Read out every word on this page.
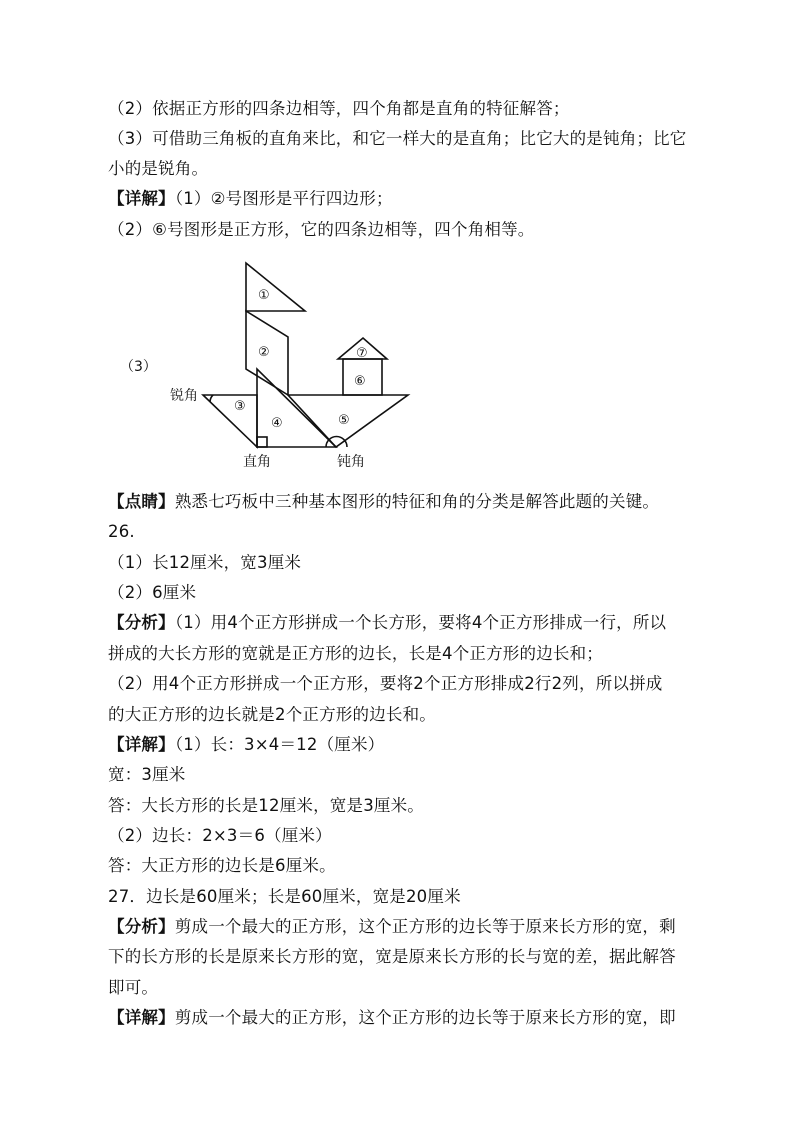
（2）依据正方形的四条边相等，四个角都是直角的特征解答；
（3）可借助三角板的直角来比，和它一样大的是直角；比它大的是钝角；比它
小的是锐角。
【详解】（1）②号图形是平行四边形；
（2）⑥号图形是正方形，它的四条边相等，四个角相等。
①
②
③
④	⑤
⑥
⑦
（3）
锐角
直角	钝角
【点睛】熟悉七巧板中三种基本图形的特征和角的分类是解答此题的关键。
26.
（1）长12厘米，宽3厘米
（2）6厘米
【分析】（1）用4个正方形拼成一个长方形，要将4个正方形排成一行，所以
拼成的大长方形的宽就是正方形的边长，长是4个正方形的边长和；
（2）用4个正方形拼成一个正方形，要将2个正方形排成2行2列，所以拼成
的大正方形的边长就是2个正方形的边长和。
【详解】（1）长：3×4＝12（厘米）
宽：3厘米
答：大长方形的长是12厘米，宽是3厘米。
（2）边长：2×3＝6（厘米）
答：大正方形的边长是6厘米。
27．边长是60厘米；长是60厘米，宽是20厘米
【分析】剪成一个最大的正方形，这个正方形的边长等于原来长方形的宽，剩
下的长方形的长是原来长方形的宽，宽是原来长方形的长与宽的差，据此解答
即可。
【详解】剪成一个最大的正方形，这个正方形的边长等于原来长方形的宽，即
